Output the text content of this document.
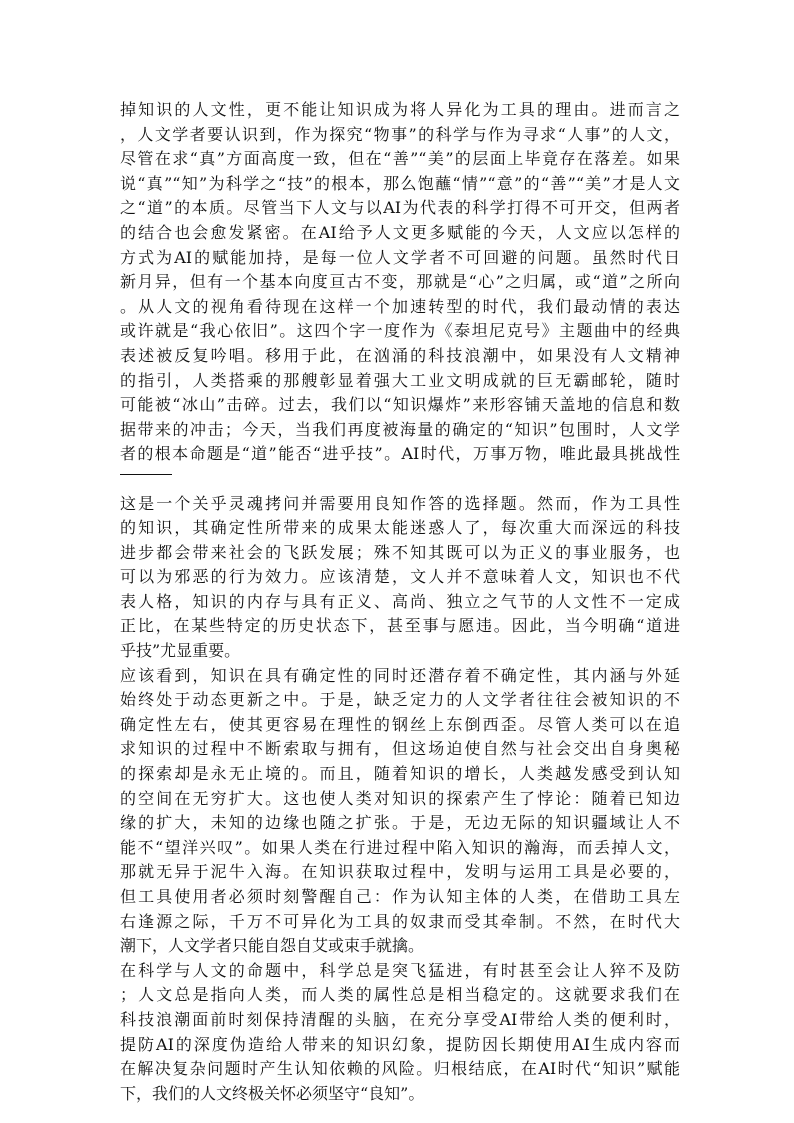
掉知识的人文性，更不能让知识成为将人异化为工具的理由。进而言之
，人文学者要认识到，作为探究“物事”的科学与作为寻求“人事”的人文，
尽管在求“真”方面高度一致，但在“善”“美”的层面上毕竟存在落差。如果
说“真”“知”为科学之“技”的根本，那么饱蘸“情”“意”的“善”“美”才是人文
之“道”的本质。尽管当下人文与以AI为代表的科学打得不可开交，但两者
的结合也会愈发紧密。在AI给予人文更多赋能的今天，人文应以怎样的
方式为AI的赋能加持，是每一位人文学者不可回避的问题。虽然时代日
新月异，但有一个基本向度亘古不变，那就是“心”之归属，或“道”之所向
。从人文的视角看待现在这样一个加速转型的时代，我们最动情的表达
或许就是“我心依旧”。这四个字一度作为《泰坦尼克号》主题曲中的经典
表述被反复吟唱。移用于此，在汹涌的科技浪潮中，如果没有人文精神
的指引，人类搭乘的那艘彰显着强大工业文明成就的巨无霸邮轮，随时
可能被“冰山”击碎。过去，我们以“知识爆炸”来形容铺天盖地的信息和数
据带来的冲击；今天，当我们再度被海量的确定的“知识”包围时，人文学
者的根本命题是“道”能否“进乎技”。AI时代，万事万物，唯此最具挑战性
这是一个关乎灵魂拷问并需要用良知作答的选择题。然而，作为工具性
的知识，其确定性所带来的成果太能迷惑人了，每次重大而深远的科技
进步都会带来社会的飞跃发展；殊不知其既可以为正义的事业服务，也
可以为邪恶的行为效力。应该清楚，文人并不意味着人文，知识也不代
表人格，知识的内存与具有正义、高尚、独立之气节的人文性不一定成
正比，在某些特定的历史状态下，甚至事与愿违。因此，当今明确“道进
乎技”尤显重要。
应该看到，知识在具有确定性的同时还潜存着不确定性，其内涵与外延
始终处于动态更新之中。于是，缺乏定力的人文学者往往会被知识的不
确定性左右，使其更容易在理性的钢丝上东倒西歪。尽管人类可以在追
求知识的过程中不断索取与拥有，但这场迫使自然与社会交出自身奥秘
的探索却是永无止境的。而且，随着知识的增长，人类越发感受到认知
的空间在无穷扩大。这也使人类对知识的探索产生了悖论：随着已知边
缘的扩大，未知的边缘也随之扩张。于是，无边无际的知识疆域让人不
能不“望洋兴叹”。如果人类在行进过程中陷入知识的瀚海，而丢掉人文，
那就无异于泥牛入海。在知识获取过程中，发明与运用工具是必要的，
但工具使用者必须时刻警醒自己：作为认知主体的人类，在借助工具左
右逢源之际，千万不可异化为工具的奴隶而受其牵制。不然，在时代大
潮下，人文学者只能自怨自艾或束手就擒。
在科学与人文的命题中，科学总是突飞猛进，有时甚至会让人猝不及防
；人文总是指向人类，而人类的属性总是相当稳定的。这就要求我们在
科技浪潮面前时刻保持清醒的头脑，在充分享受AI带给人类的便利时，
提防AI的深度伪造给人带来的知识幻象，提防因长期使用AI生成内容而
在解决复杂问题时产生认知依赖的风险。归根结底，在AI时代“知识”赋能
下，我们的人文终极关怀必须坚守“良知”。
